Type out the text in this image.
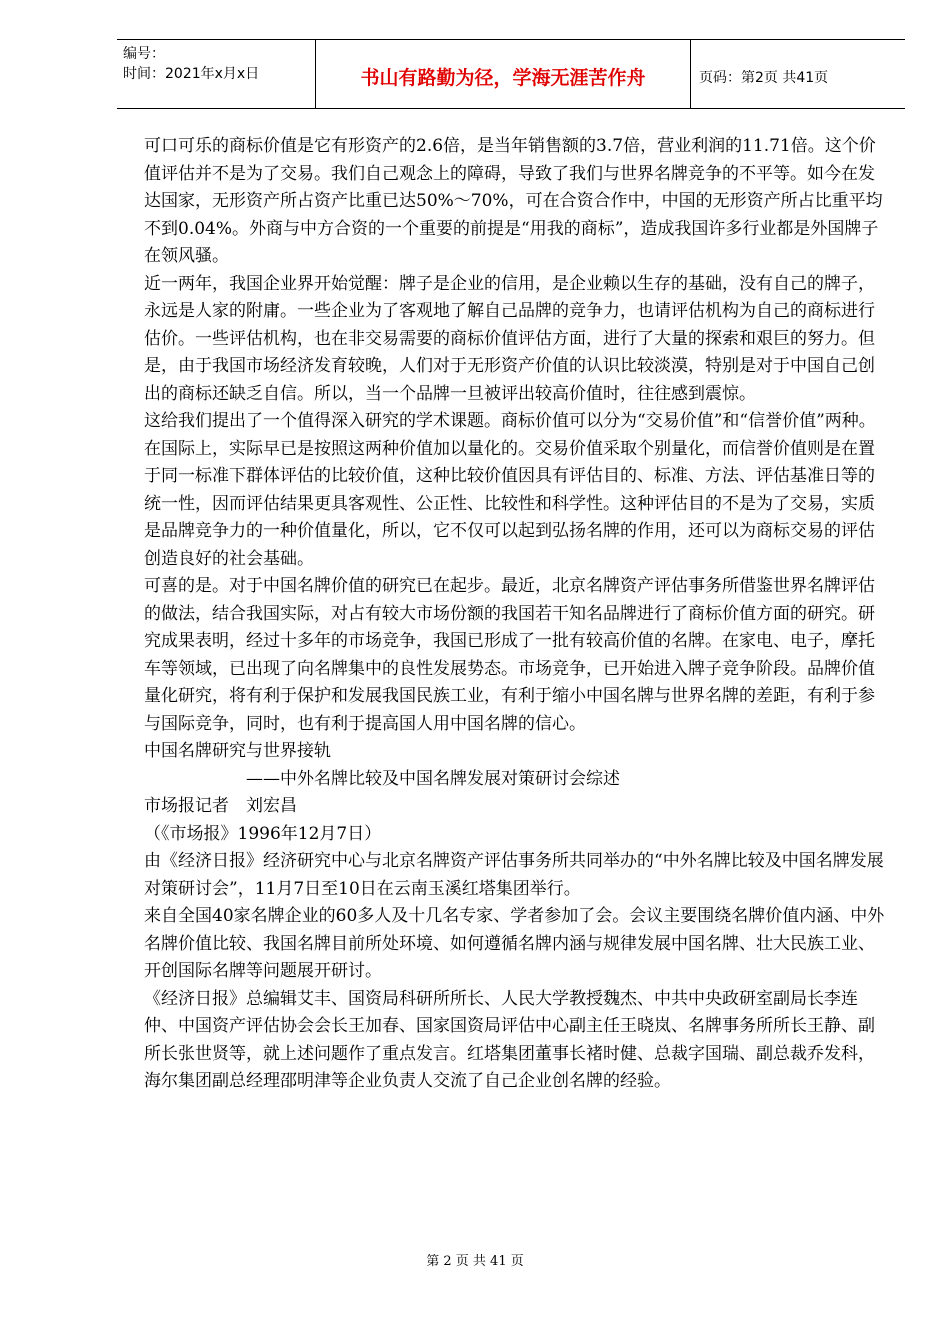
编号：
时间：2021年x月x日	书山有路勤为径，学海无涯苦作舟	页码：第2页 共41页

可口可乐的商标价值是它有形资产的2.6倍，是当年销售额的3.7倍，营业利润的11.71倍。这个价值评估并不是为了交易。我们自己观念上的障碍，导致了我们与世界名牌竞争的不平等。如今在发达国家，无形资产所占资产比重已达50%～70%，可在合资合作中，中国的无形资产所占比重平均不到0.04%。外商与中方合资的一个重要的前提是“用我的商标”，造成我国许多行业都是外国牌子在领风骚。

近一两年，我国企业界开始觉醒：牌子是企业的信用，是企业赖以生存的基础，没有自己的牌子，永远是人家的附庸。一些企业为了客观地了解自己品牌的竞争力，也请评估机构为自己的商标进行估价。一些评估机构，也在非交易需要的商标价值评估方面，进行了大量的探索和艰巨的努力。但是，由于我国市场经济发育较晚，人们对于无形资产价值的认识比较淡漠，特别是对于中国自己创出的商标还缺乏自信。所以，当一个品牌一旦被评出较高价值时，往往感到震惊。

这给我们提出了一个值得深入研究的学术课题。商标价值可以分为“交易价值”和“信誉价值”两种。在国际上，实际早已是按照这两种价值加以量化的。交易价值采取个别量化，而信誉价值则是在置于同一标准下群体评估的比较价值，这种比较价值因具有评估目的、标准、方法、评估基准日等的统一性，因而评估结果更具客观性、公正性、比较性和科学性。这种评估目的不是为了交易，实质是品牌竞争力的一种价值量化，所以，它不仅可以起到弘扬名牌的作用，还可以为商标交易的评估创造良好的社会基础。

可喜的是。对于中国名牌价值的研究已在起步。最近，北京名牌资产评估事务所借鉴世界名牌评估的做法，结合我国实际，对占有较大市场份额的我国若干知名品牌进行了商标价值方面的研究。研究成果表明，经过十多年的市场竞争，我国已形成了一批有较高价值的名牌。在家电、电子，摩托车等领域，已出现了向名牌集中的良性发展势态。市场竞争，已开始进入牌子竞争阶段。品牌价值量化研究，将有利于保护和发展我国民族工业，有利于缩小中国名牌与世界名牌的差距，有利于参与国际竞争，同时，也有利于提高国人用中国名牌的信心。

中国名牌研究与世界接轨

——中外名牌比较及中国名牌发展对策研讨会综述

市场报记者　刘宏昌

（《市场报》1996年12月7日）

由《经济日报》经济研究中心与北京名牌资产评估事务所共同举办的“中外名牌比较及中国名牌发展对策研讨会”，11月7日至10日在云南玉溪红塔集团举行。

来自全国40家名牌企业的60多人及十几名专家、学者参加了会。会议主要围绕名牌价值内涵、中外名牌价值比较、我国名牌目前所处环境、如何遵循名牌内涵与规律发展中国名牌、壮大民族工业、开创国际名牌等问题展开研讨。

《经济日报》总编辑艾丰、国资局科研所所长、人民大学教授魏杰、中共中央政研室副局长李连仲、中国资产评估协会会长王加春、国家国资局评估中心副主任王晓岚、名牌事务所所长王静、副所长张世贤等，就上述问题作了重点发言。红塔集团董事长褚时健、总裁字国瑞、副总裁乔发科，海尔集团副总经理邵明津等企业负责人交流了自己企业创名牌的经验。

第 2 页 共 41 页
